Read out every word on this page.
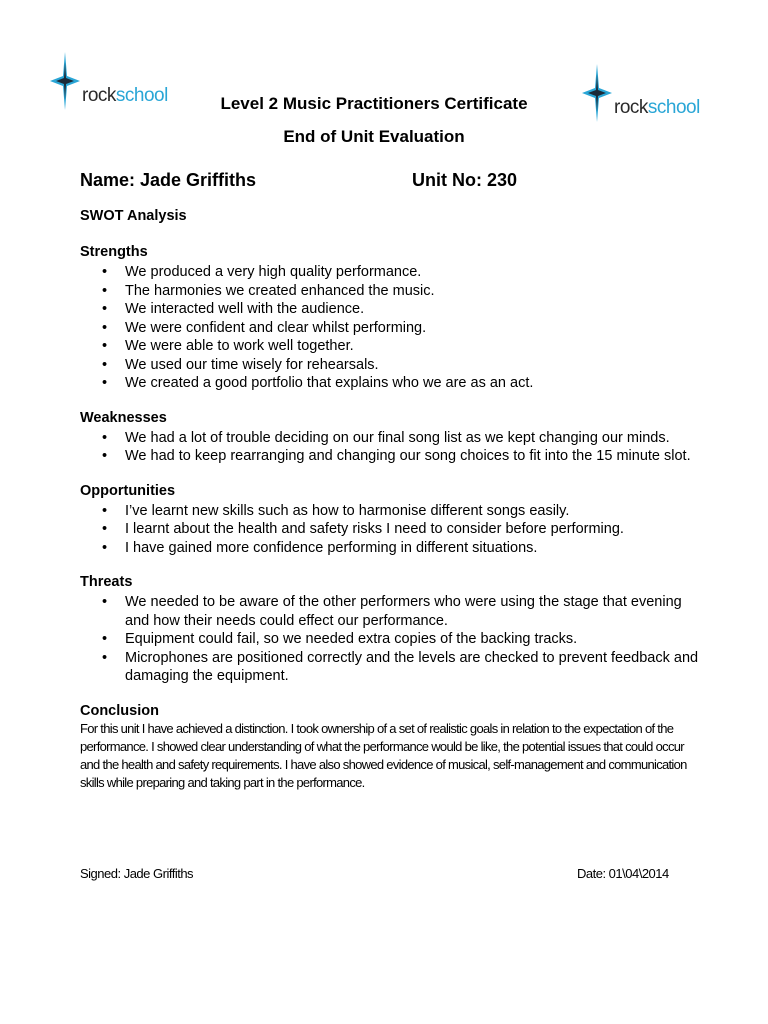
rockschool
rockschool
Level 2 Music Practitioners Certificate
End of Unit Evaluation
Name: Jade Griffiths	Unit No: 230

SWOT Analysis

Strengths

• We produced a very high quality performance.
• The harmonies we created enhanced the music.
• We interacted well with the audience.
• We were confident and clear whilst performing.
• We were able to work well together.
• We used our time wisely for rehearsals.
• We created a good portfolio that explains who we are as an act.

Weaknesses

• We had a lot of trouble deciding on our final song list as we kept changing our minds.
• We had to keep rearranging and changing our song choices to fit into the 15 minute slot.

Opportunities

• I’ve learnt new skills such as how to harmonise different songs easily.
• I learnt about the health and safety risks I need to consider before performing.
• I have gained more confidence performing in different situations.

Threats

• We needed to be aware of the other performers who were using the stage that evening and how their needs could effect our performance.
• Equipment could fail, so we needed extra copies of the backing tracks.
• Microphones are positioned correctly and the levels are checked to prevent feedback and damaging the equipment.

Conclusion

For this unit I have achieved a distinction. I took ownership of a set of realistic goals in relation to the expectation of the performance. I showed clear understanding of what the performance would be like, the potential issues that could occur and the health and safety requirements. I have also showed evidence of musical, self-management and communication skills while preparing and taking part in the performance.
Signed: Jade Griffiths	Date: 01\04\2014
